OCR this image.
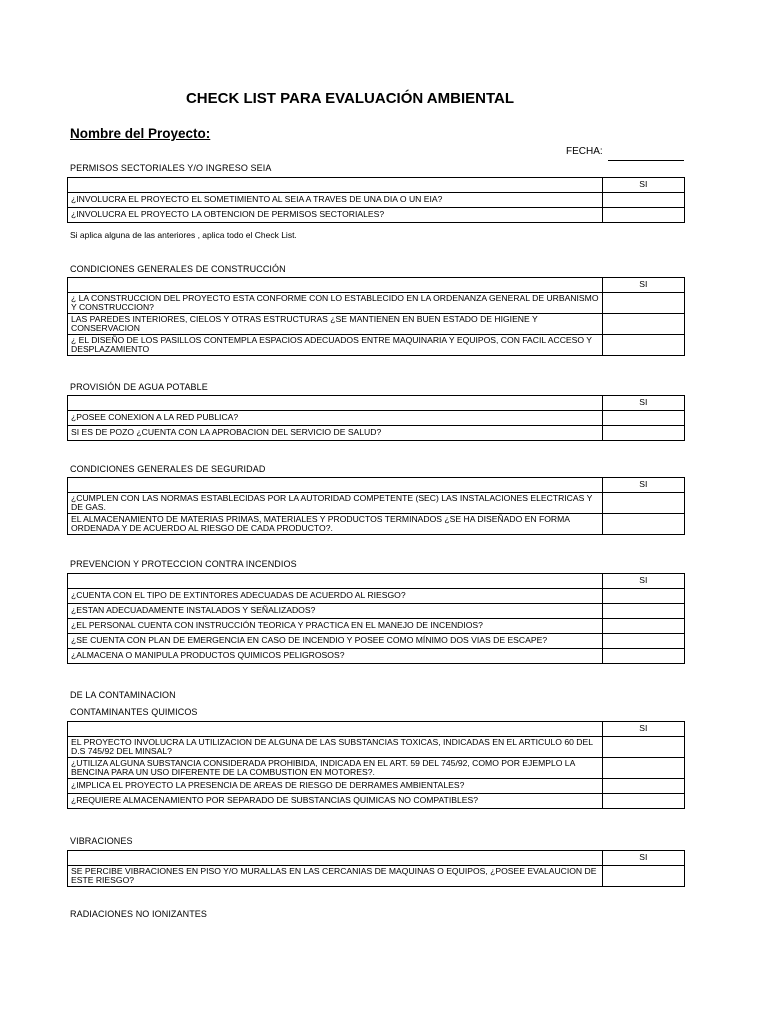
CHECK LIST PARA EVALUACIÓN AMBIENTAL
Nombre del Proyecto:
FECHA:
PERMISOS SECTORIALES Y/O INGRESO SEIA
	SI
¿INVOLUCRA EL PROYECTO EL SOMETIMIENTO AL SEIA A TRAVES DE UNA DIA O UN EIA?	
¿INVOLUCRA EL PROYECTO LA OBTENCION DE PERMISOS SECTORIALES?	
Si aplica alguna de las anteriores , aplica todo el Check List.
CONDICIONES GENERALES DE CONSTRUCCIÓN
	SI
¿ LA CONSTRUCCION DEL PROYECTO ESTA CONFORME CON LO ESTABLECIDO EN LA ORDENANZA GENERAL DE URBANISMO Y CONSTRUCCION?	
LAS PAREDES INTERIORES, CIELOS Y OTRAS ESTRUCTURAS ¿SE MANTIENEN EN BUEN ESTADO DE HIGIENE Y CONSERVACION	
¿ EL DISEÑO DE LOS PASILLOS CONTEMPLA ESPACIOS ADECUADOS ENTRE MAQUINARIA Y EQUIPOS, CON FACIL ACCESO Y DESPLAZAMIENTO	
PROVISIÓN DE AGUA POTABLE
	SI
¿POSEE CONEXION A LA RED PUBLICA?	
SI ES DE POZO ¿CUENTA CON LA APROBACION DEL SERVICIO DE SALUD?	
CONDICIONES GENERALES DE SEGURIDAD
	SI
¿CUMPLEN CON LAS NORMAS ESTABLECIDAS POR LA AUTORIDAD COMPETENTE (SEC) LAS INSTALACIONES ELECTRICAS Y DE GAS.	
EL ALMACENAMIENTO DE MATERIAS PRIMAS, MATERIALES Y PRODUCTOS TERMINADOS ¿SE HA DISEÑADO EN FORMA ORDENADA Y DE ACUERDO AL RIESGO DE CADA PRODUCTO?.	
PREVENCION Y PROTECCION CONTRA INCENDIOS
	SI
¿CUENTA CON EL TIPO DE EXTINTORES ADECUADAS DE ACUERDO AL RIESGO?	
¿ESTAN ADECUADAMENTE INSTALADOS Y SEÑALIZADOS?	
¿EL PERSONAL CUENTA CON INSTRUCCIÓN TEORICA Y PRACTICA EN EL MANEJO DE INCENDIOS?	
¿SE CUENTA CON PLAN DE EMERGENCIA EN CASO DE INCENDIO Y POSEE COMO MÍNIMO DOS VIAS DE ESCAPE?	
¿ALMACENA O MANIPULA PRODUCTOS QUIMICOS PELIGROSOS?	
DE LA CONTAMINACION
CONTAMINANTES QUIMICOS
	SI
EL PROYECTO INVOLUCRA LA UTILIZACION DE ALGUNA DE LAS SUBSTANCIAS TOXICAS, INDICADAS EN EL ARTICULO 60 DEL D.S 745/92 DEL MINSAL?	
¿UTILIZA ALGUNA SUBSTANCIA CONSIDERADA PROHIBIDA, INDICADA EN EL ART. 59 DEL 745/92, COMO POR EJEMPLO LA BENCINA PARA UN USO DIFERENTE DE LA COMBUSTION EN MOTORES?.	
¿IMPLICA EL PROYECTO LA PRESENCIA DE AREAS DE RIESGO DE DERRAMES AMBIENTALES?	
¿REQUIERE ALMACENAMIENTO POR SEPARADO DE SUBSTANCIAS QUIMICAS NO COMPATIBLES?	
VIBRACIONES
	SI
SE PERCIBE VIBRACIONES EN PISO Y/O MURALLAS EN LAS CERCANIAS DE MAQUINAS O EQUIPOS, ¿POSEE EVALAUCION DE ESTE RIESGO?	
RADIACIONES NO IONIZANTES
